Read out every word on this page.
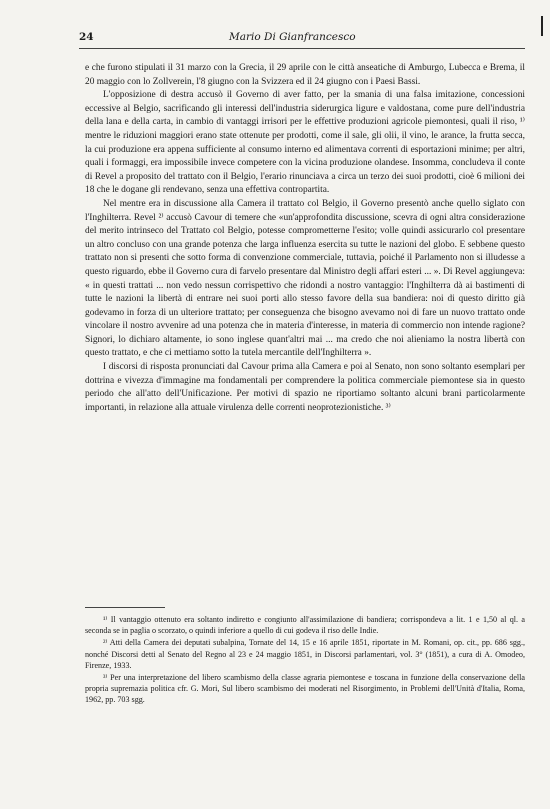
24	Mario Di Gianfrancesco

e che furono stipulati il 31 marzo con la Grecia, il 29 aprile con le città anseatiche di Amburgo, Lubecca e Brema, il 20 maggio con lo Zollverein, l'8 giugno con la Svizzera ed il 24 giugno con i Paesi Bassi.

L'opposizione di destra accusò il Governo di aver fatto, per la smania di una falsa imitazione, concessioni eccessive al Belgio, sacrificando gli interessi dell'industria siderurgica ligure e valdostana, come pure dell'industria della lana e della carta, in cambio di vantaggi irrisori per le effettive produzioni agricole piemontesi, quali il riso, ¹⁾ mentre le riduzioni maggiori erano state ottenute per prodotti, come il sale, gli olii, il vino, le arance, la frutta secca, la cui produzione era appena sufficiente al consumo interno ed alimentava correnti di esportazioni minime; per altri, quali i formaggi, era impossibile invece competere con la vicina produzione olandese. Insomma, concludeva il conte di Revel a proposito del trattato con il Belgio, l'erario rinunciava a circa un terzo dei suoi prodotti, cioè 6 milioni dei 18 che le dogane gli rendevano, senza una effettiva contropartita.

Nel mentre era in discussione alla Camera il trattato col Belgio, il Governo presentò anche quello siglato con l'Inghilterra. Revel ²⁾ accusò Cavour di temere che «un'approfondita discussione, scevra di ogni altra considerazione del merito intrinseco del Trattato col Belgio, potesse comprometterne l'esito; volle quindi assicurarlo col presentare un altro concluso con una grande potenza che larga influenza esercita su tutte le nazioni del globo. E sebbene questo trattato non si presenti che sotto forma di convenzione commerciale, tuttavia, poiché il Parlamento non si illudesse a questo riguardo, ebbe il Governo cura di farvelo presentare dal Ministro degli affari esteri ... ». Di Revel aggiungeva: « in questi trattati ... non vedo nessun corrispettivo che ridondi a nostro vantaggio: l'Inghilterra dà ai bastimenti di tutte le nazioni la libertà di entrare nei suoi porti allo stesso favore della sua bandiera: noi di questo diritto già godevamo in forza di un ulteriore trattato; per conseguenza che bisogno avevamo noi di fare un nuovo trattato onde vincolare il nostro avvenire ad una potenza che in materia d'interesse, in materia di commercio non intende ragione? Signori, lo dichiaro altamente, io sono inglese quant'altri mai ... ma credo che noi alieniamo la nostra libertà con questo trattato, e che ci mettiamo sotto la tutela mercantile dell'Inghilterra ».

I discorsi di risposta pronunciati dal Cavour prima alla Camera e poi al Senato, non sono soltanto esemplari per dottrina e vivezza d'immagine ma fondamentali per comprendere la politica commerciale piemontese sia in questo periodo che all'atto dell'Unificazione. Per motivi di spazio ne riportiamo soltanto alcuni brani particolarmente importanti, in relazione alla attuale virulenza delle correnti neoprotezionistiche. ³⁾

¹⁾ Il vantaggio ottenuto era soltanto indiretto e congiunto all'assimilazione di bandiera; corrispondeva a lit. 1 e 1,50 al ql. a seconda se in paglia o scorzato, o quindi inferiore a quello di cui godeva il riso delle Indie.

²⁾ Atti della Camera dei deputati subalpina, Tornate del 14, 15 e 16 aprile 1851, riportate in M. Romani, op. cit., pp. 686 sgg., nonché Discorsi detti al Senato del Regno al 23 e 24 maggio 1851, in Discorsi parlamentari, vol. 3° (1851), a cura di A. Omodeo, Firenze, 1933.

³⁾ Per una interpretazione del libero scambismo della classe agraria piemontese e toscana in funzione della conservazione della propria supremazia politica cfr. G. Mori, Sul libero scambismo dei moderati nel Risorgimento, in Problemi dell'Unità d'Italia, Roma, 1962, pp. 703 sgg.
